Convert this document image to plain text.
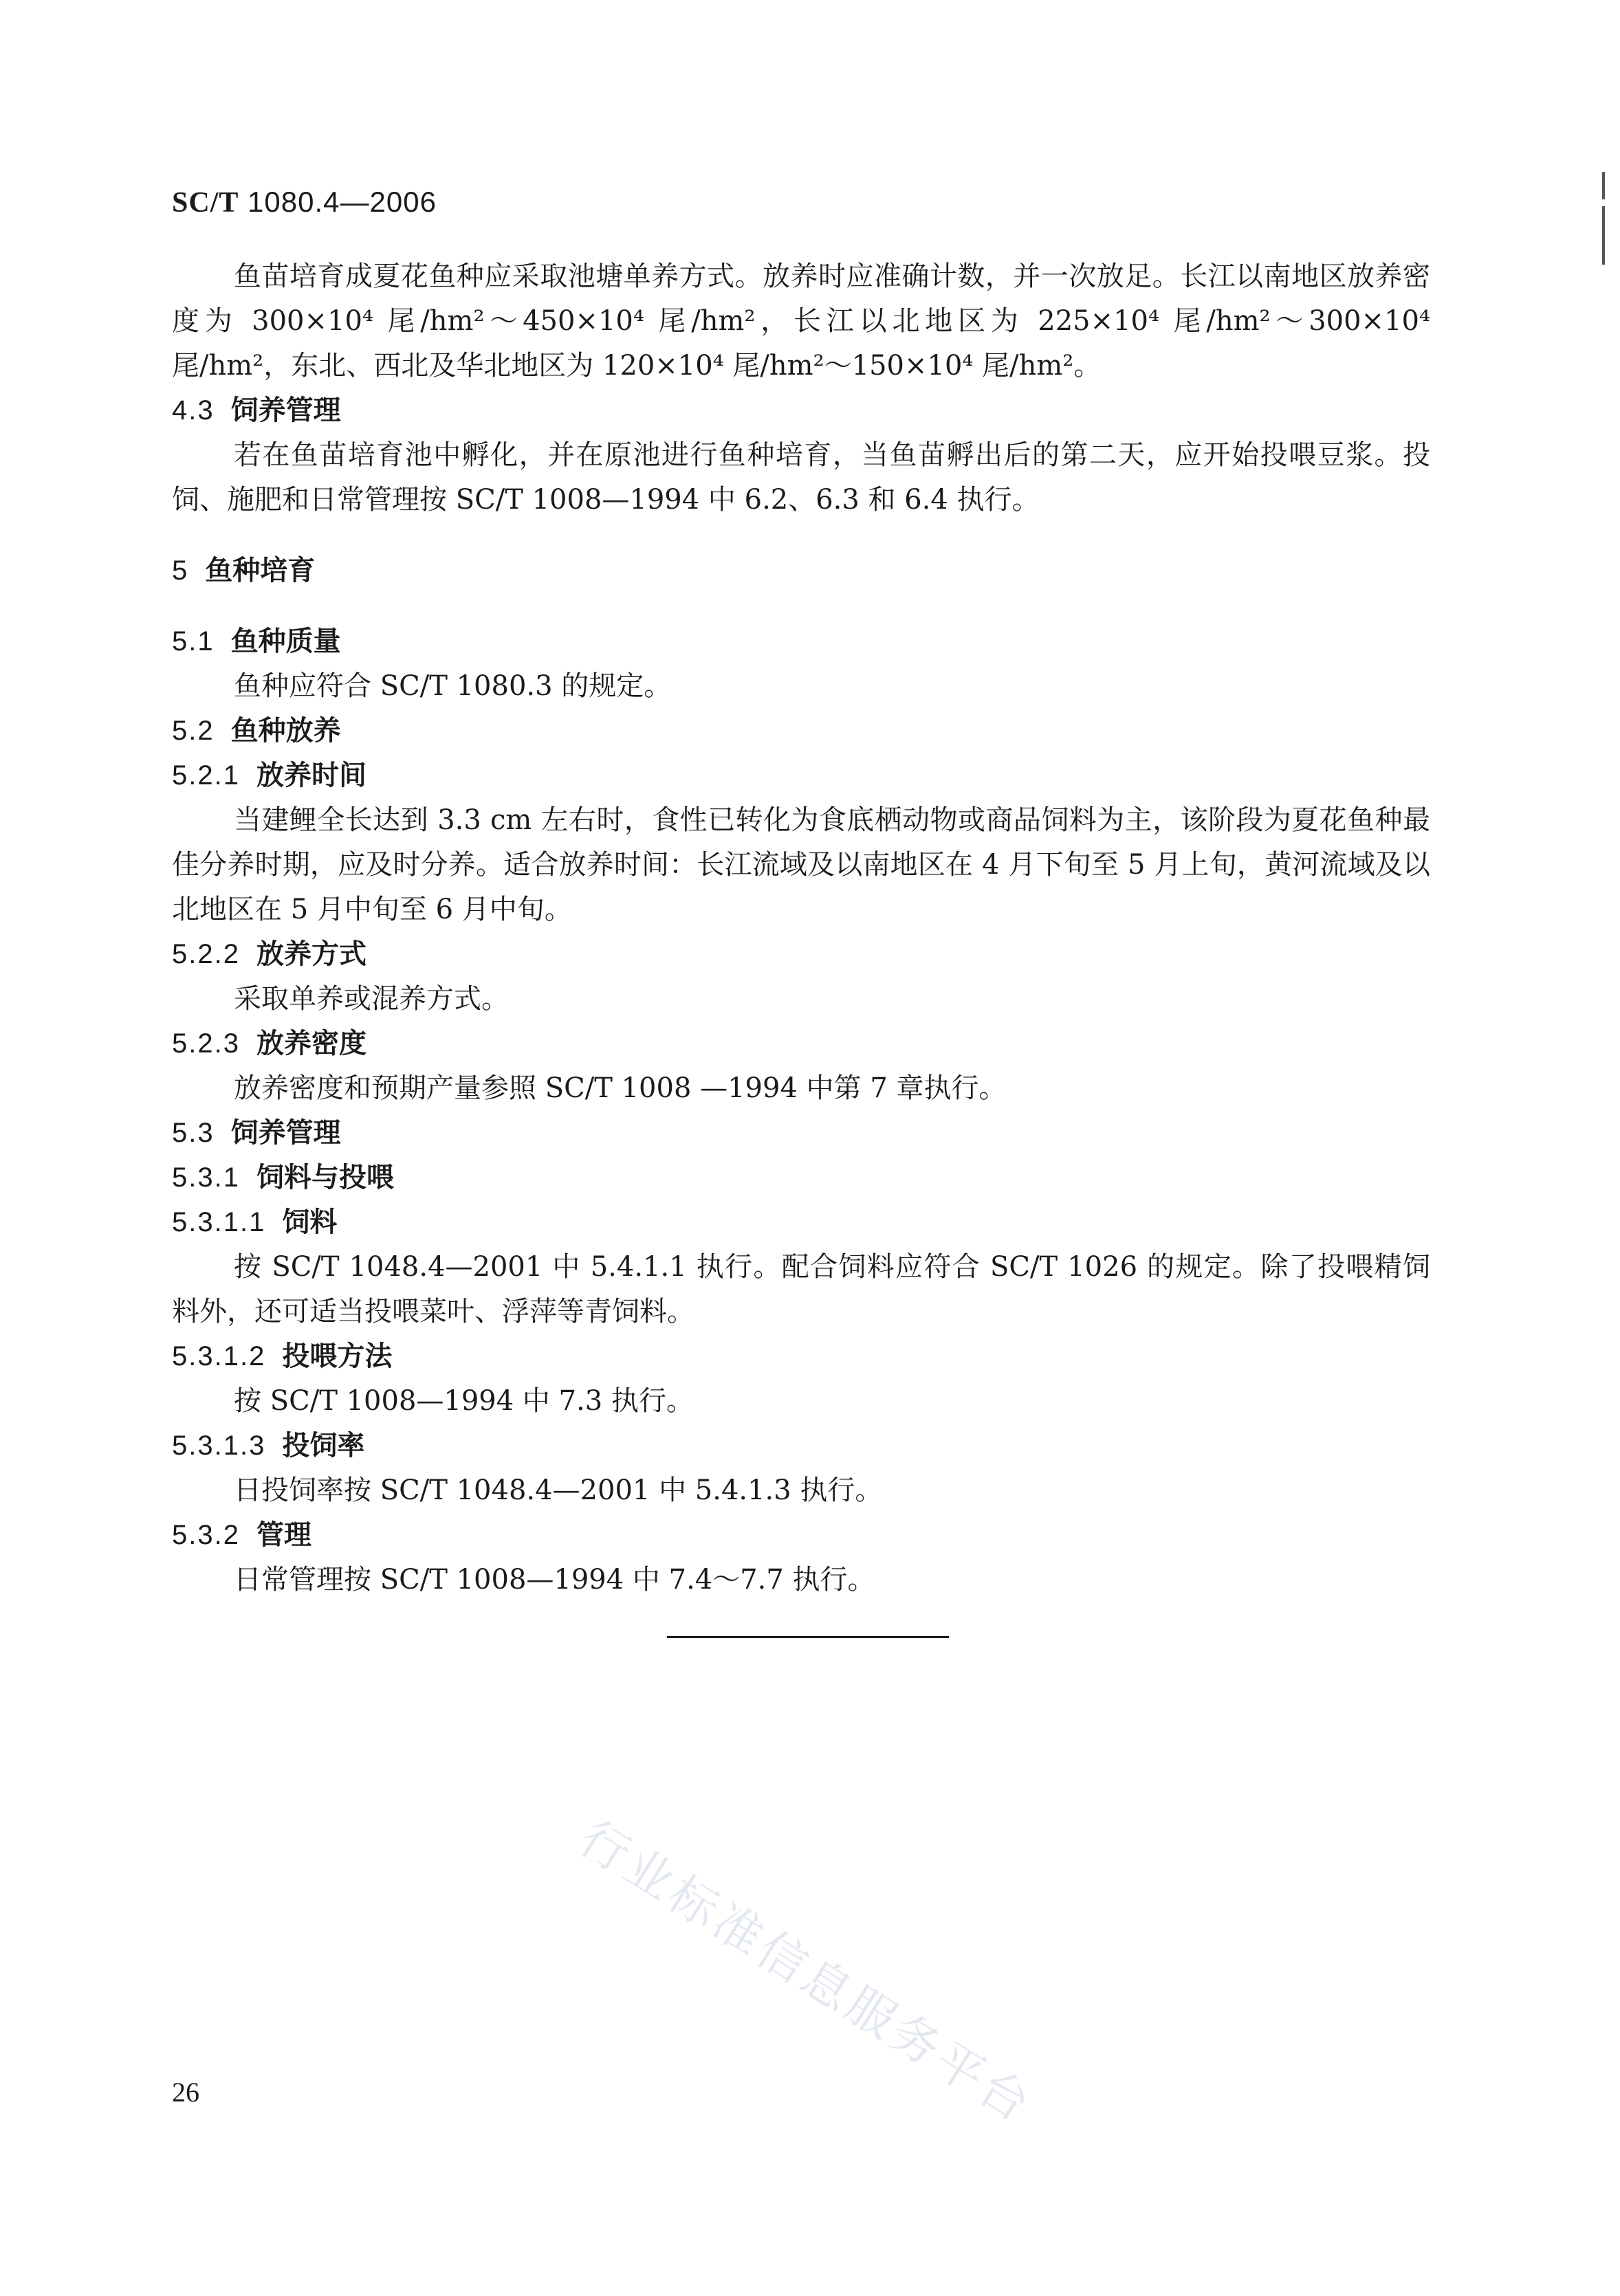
SC/T 1080.4—2006

鱼苗培育成夏花鱼种应采取池塘单养方式。放养时应准确计数，并一次放足。长江以南地区放养密度为 300×10⁴ 尾/hm²～450×10⁴ 尾/hm²，长江以北地区为 225×10⁴ 尾/hm²～300×10⁴ 尾/hm²，东北、西北及华北地区为 120×10⁴ 尾/hm²～150×10⁴ 尾/hm²。

4.3 饲养管理

若在鱼苗培育池中孵化，并在原池进行鱼种培育，当鱼苗孵出后的第二天，应开始投喂豆浆。投饲、施肥和日常管理按 SC/T 1008—1994 中 6.2、6.3 和 6.4 执行。

5 鱼种培育
5.1 鱼种质量

鱼种应符合 SC/T 1080.3 的规定。

5.2 鱼种放养
5.2.1 放养时间

当建鲤全长达到 3.3 cm 左右时，食性已转化为食底栖动物或商品饲料为主，该阶段为夏花鱼种最佳分养时期，应及时分养。适合放养时间：长江流域及以南地区在 4 月下旬至 5 月上旬，黄河流域及以北地区在 5 月中旬至 6 月中旬。

5.2.2 放养方式

采取单养或混养方式。

5.2.3 放养密度

放养密度和预期产量参照 SC/T 1008 —1994 中第 7 章执行。

5.3 饲养管理
5.3.1 饲料与投喂
5.3.1.1 饲料

按 SC/T 1048.4—2001 中 5.4.1.1 执行。配合饲料应符合 SC/T 1026 的规定。除了投喂精饲料外，还可适当投喂菜叶、浮萍等青饲料。

5.3.1.2 投喂方法

按 SC/T 1008—1994 中 7.3 执行。

5.3.1.3 投饲率

日投饲率按 SC/T 1048.4—2001 中 5.4.1.3 执行。

5.3.2 管理

日常管理按 SC/T 1008—1994 中 7.4～7.7 执行。

行业标准信息服务平台
26
